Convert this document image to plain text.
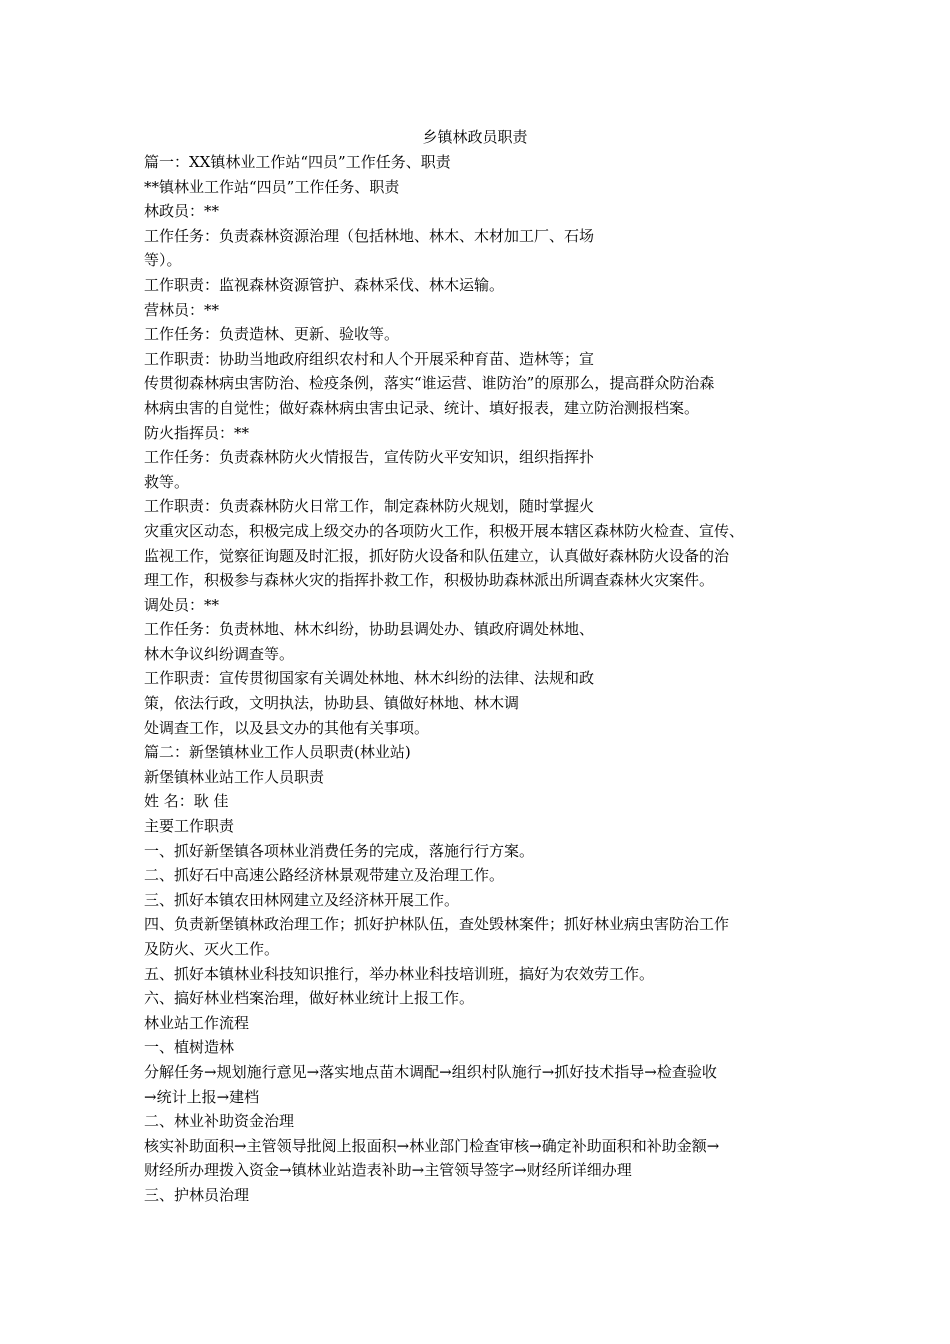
乡镇林政员职责
篇一：XX镇林业工作站“四员”工作任务、职责
**镇林业工作站“四员”工作任务、职责
林政员：**
工作任务：负责森林资源治理（包括林地、林木、木材加工厂、石场
等）。
工作职责：监视森林资源管护、森林采伐、林木运输。
营林员：**
工作任务：负责造林、更新、验收等。
工作职责：协助当地政府组织农村和人个开展采种育苗、造林等；宣
传贯彻森林病虫害防治、检疫条例，落实“谁运营、谁防治”的原那么，提高群众防治森
林病虫害的自觉性；做好森林病虫害虫记录、统计、填好报表，建立防治测报档案。
防火指挥员：**
工作任务：负责森林防火火情报告，宣传防火平安知识，组织指挥扑
救等。
工作职责：负责森林防火日常工作，制定森林防火规划，随时掌握火
灾重灾区动态，积极完成上级交办的各项防火工作，积极开展本辖区森林防火检查、宣传、
监视工作，觉察征询题及时汇报，抓好防火设备和队伍建立，认真做好森林防火设备的治
理工作，积极参与森林火灾的指挥扑救工作，积极协助森林派出所调查森林火灾案件。
调处员：**
工作任务：负责林地、林木纠纷，协助县调处办、镇政府调处林地、
林木争议纠纷调查等。
工作职责：宣传贯彻国家有关调处林地、林木纠纷的法律、法规和政
策，依法行政，文明执法，协助县、镇做好林地、林木调
处调查工作，以及县文办的其他有关事项。
篇二：新堡镇林业工作人员职责(林业站)
新堡镇林业站工作人员职责
姓 名：耿 佳
主要工作职责
一、抓好新堡镇各项林业消费任务的完成，落施行行方案。
二、抓好石中高速公路经济林景观带建立及治理工作。
三、抓好本镇农田林网建立及经济林开展工作。
四、负责新堡镇林政治理工作；抓好护林队伍，查处毁林案件；抓好林业病虫害防治工作
及防火、灭火工作。
五、抓好本镇林业科技知识推行，举办林业科技培训班，搞好为农效劳工作。
六、搞好林业档案治理，做好林业统计上报工作。
林业站工作流程
一、植树造林
分解任务→规划施行意见→落实地点苗木调配→组织村队施行→抓好技术指导→检查验收
→统计上报→建档
二、林业补助资金治理
核实补助面积→主管领导批阅上报面积→林业部门检查审核→确定补助面积和补助金额→
财经所办理拨入资金→镇林业站造表补助→主管领导签字→财经所详细办理
三、护林员治理
